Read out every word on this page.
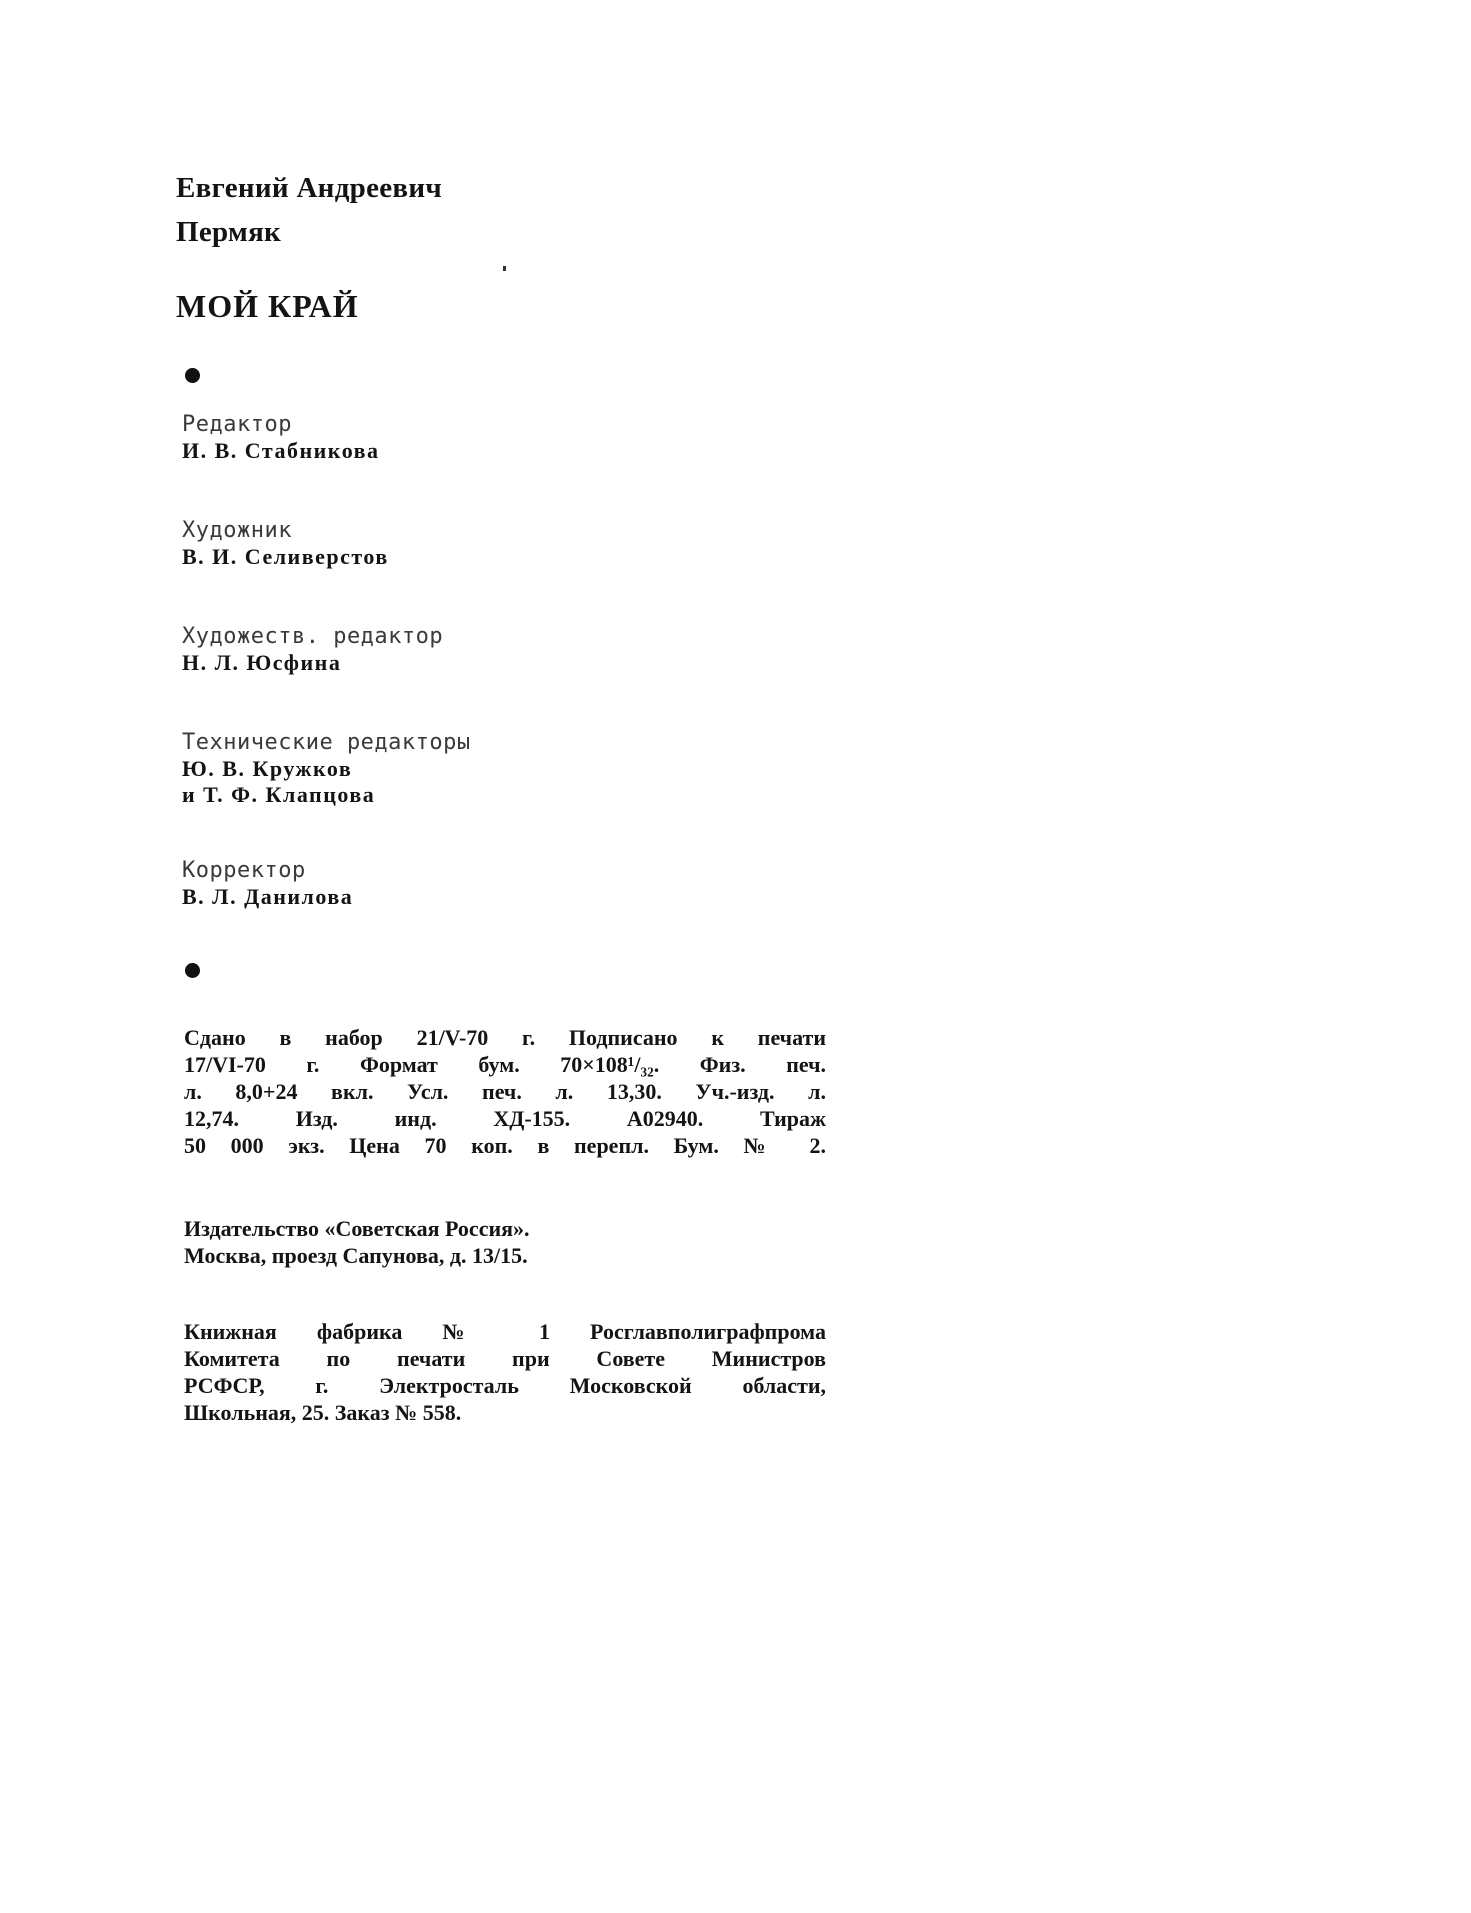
Евгений Андреевич
Пермяк
МОЙ КРАЙ
Редактор
И. В. Стабникова
Художник
В. И. Селиверстов
Художеств. редактор
Н. Л. Юсфина
Технические редакторы
Ю. В. Кружков
и Т. Ф. Клапцова
Корректор
В. Л. Данилова
Сдано в набор 21/V-70 г. Подписано к печати
17/VI-70 г. Формат бум. 70×108¹/₃₂. Физ. печ.
л. 8,0+24 вкл. Усл. печ. л. 13,30. Уч.-изд. л.
12,74. Изд. инд. ХД-155. А02940. Тираж
50 000 экз. Цена 70 коп. в перепл. Бум. № 2.
Издательство «Советская Россия».
Москва, проезд Сапунова, д. 13/15.
Книжная фабрика № 1 Росглавполиграфпрома
Комитета по печати при Совете Министров
РСФСР, г. Электросталь Московской области,
Школьная, 25. Заказ № 558.
